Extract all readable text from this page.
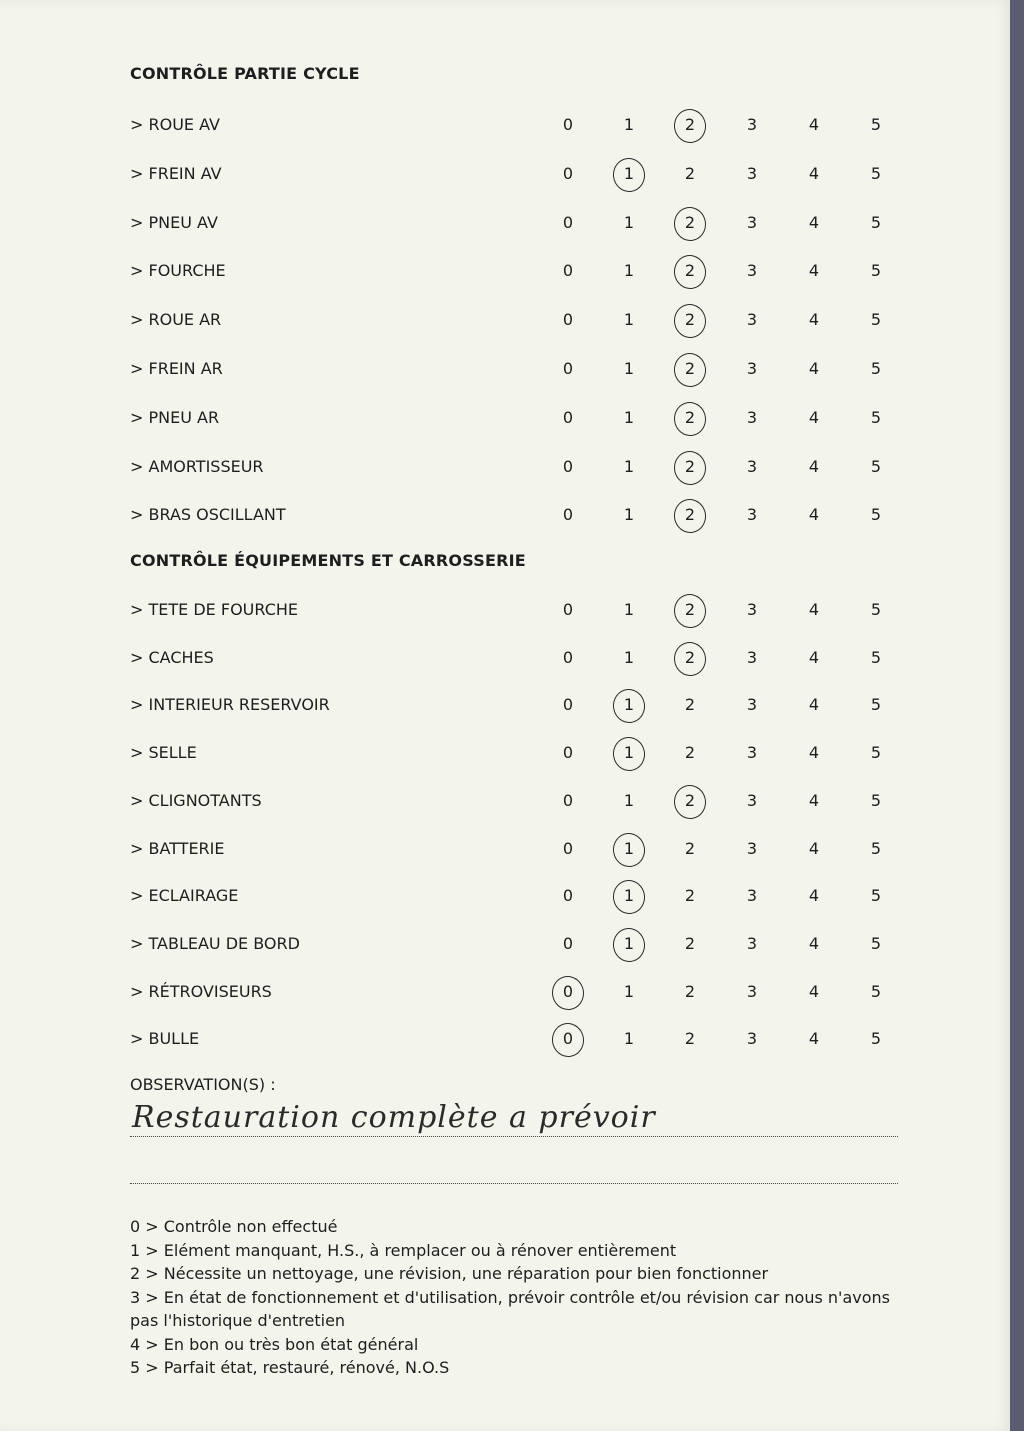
CONTRÔLE PARTIE CYCLE
> ROUE AV	0	1	2	3	4	5
> FREIN AV	0	1	2	3	4	5
> PNEU AV	0	1	2	3	4	5
> FOURCHE	0	1	2	3	4	5
> ROUE AR	0	1	2	3	4	5
> FREIN AR	0	1	2	3	4	5
> PNEU AR	0	1	2	3	4	5
> AMORTISSEUR	0	1	2	3	4	5
> BRAS OSCILLANT	0	1	2	3	4	5
CONTRÔLE ÉQUIPEMENTS ET CARROSSERIE
> TETE DE FOURCHE	0	1	2	3	4	5
> CACHES	0	1	2	3	4	5
> INTERIEUR RESERVOIR	0	1	2	3	4	5
> SELLE	0	1	2	3	4	5
> CLIGNOTANTS	0	1	2	3	4	5
> BATTERIE	0	1	2	3	4	5
> ECLAIRAGE	0	1	2	3	4	5
> TABLEAU DE BORD	0	1	2	3	4	5
> RÉTROVISEURS	0	1	2	3	4	5
> BULLE	0	1	2	3	4	5
OBSERVATION(S) :
Restauration complète a prévoir
0 > Contrôle non effectué
1 > Elément manquant, H.S., à remplacer ou à rénover entièrement
2 > Nécessite un nettoyage, une révision, une réparation pour bien fonctionner
3 > En état de fonctionnement et d'utilisation, prévoir contrôle et/ou révision car nous n'avons pas l'historique d'entretien
4 > En bon ou très bon état général
5 > Parfait état, restauré, rénové, N.O.S
